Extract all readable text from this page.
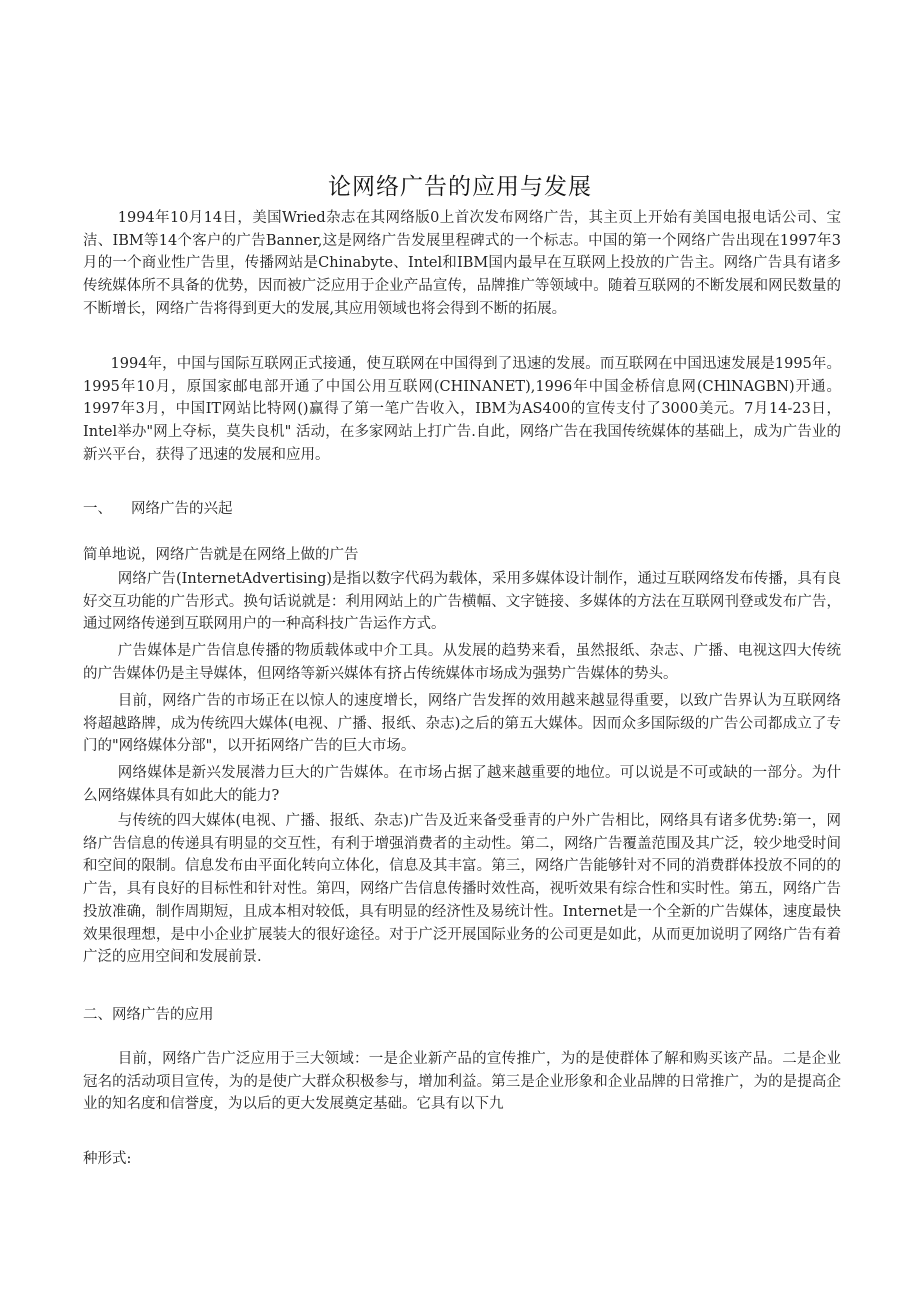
论网络广告的应用与发展

1994年10月14日，美国Wried杂志在其网络版0上首次发布网络广告，其主页上开始有美国电报电话公司、宝洁、IBM等14个客户的广告Banner,这是网络广告发展里程碑式的一个标志。中国的第一个网络广告出现在1997年3月的一个商业性广告里，传播网站是Chinabyte、Intel和IBM国内最早在互联网上投放的广告主。网络广告具有诸多传统媒体所不具备的优势，因而被广泛应用于企业产品宣传，品牌推广等领域中。随着互联网的不断发展和网民数量的不断增长，网络广告将得到更大的发展,其应用领域也将会得到不断的拓展。

1994年，中国与国际互联网正式接通，使互联网在中国得到了迅速的发展。而互联网在中国迅速发展是1995年。1995年10月，原国家邮电部开通了中国公用互联网(CHINANET),1996年中国金桥信息网(CHlNAGBN)开通。1997年3月，中国IT网站比特网()赢得了第一笔广告收入，IBM为AS400的宣传支付了3000美元。7月14-23日，Intel举办"网上夺标，莫失良机" 活动，在多家网站上打广告.自此，网络广告在我国传统媒体的基础上，成为广告业的新兴平台，获得了迅速的发展和应用。

一、 网络广告的兴起

简单地说，网络广告就是在网络上做的广告

网络广告(InternetAdvertising)是指以数字代码为载体，采用多媒体设计制作，通过互联网络发布传播，具有良好交互功能的广告形式。换句话说就是：利用网站上的广告横幅、文字链接、多媒体的方法在互联网刊登或发布广告，通过网络传递到互联网用户的一种高科技广告运作方式。

广告媒体是广告信息传播的物质载体或中介工具。从发展的趋势来看，虽然报纸、杂志、广播、电视这四大传统的广告媒体仍是主导媒体，但网络等新兴媒体有挤占传统媒体市场成为强势广告媒体的势头。

目前，网络广告的市场正在以惊人的速度增长，网络广告发挥的效用越来越显得重要，以致广告界认为互联网络将超越路牌，成为传统四大媒体(电视、广播、报纸、杂志)之后的第五大媒体。因而众多国际级的广告公司都成立了专门的"网络媒体分部"，以开拓网络广告的巨大市场。

网络媒体是新兴发展潜力巨大的广告媒体。在市场占据了越来越重要的地位。可以说是不可或缺的一部分。为什么网络媒体具有如此大的能力?

与传统的四大媒体(电视、广播、报纸、杂志)广告及近来备受垂青的户外广告相比，网络具有诸多优势:第一，网络广告信息的传递具有明显的交互性，有利于增强消费者的主动性。第二，网络广告覆盖范围及其广泛，较少地受时间和空间的限制。信息发布由平面化转向立体化，信息及其丰富。第三，网络广告能够针对不同的消费群体投放不同的的广告，具有良好的目标性和针对性。第四，网络广告信息传播时效性高，视听效果有综合性和实时性。第五，网络广告投放准确，制作周期短，且成本相对较低，具有明显的经济性及易统计性。Internet是一个全新的广告媒体，速度最快效果很理想，是中小企业扩展装大的很好途径。对于广泛开展国际业务的公司更是如此，从而更加说明了网络广告有着广泛的应用空间和发展前景.

二、网络广告的应用

目前，网络广告广泛应用于三大领域：一是企业新产品的宣传推广，为的是使群体了解和购买该产品。二是企业冠名的活动项目宣传，为的是使广大群众积极参与，增加利益。第三是企业形象和企业品牌的日常推广，为的是提高企业的知名度和信誉度，为以后的更大发展奠定基础。它具有以下九

种形式:
